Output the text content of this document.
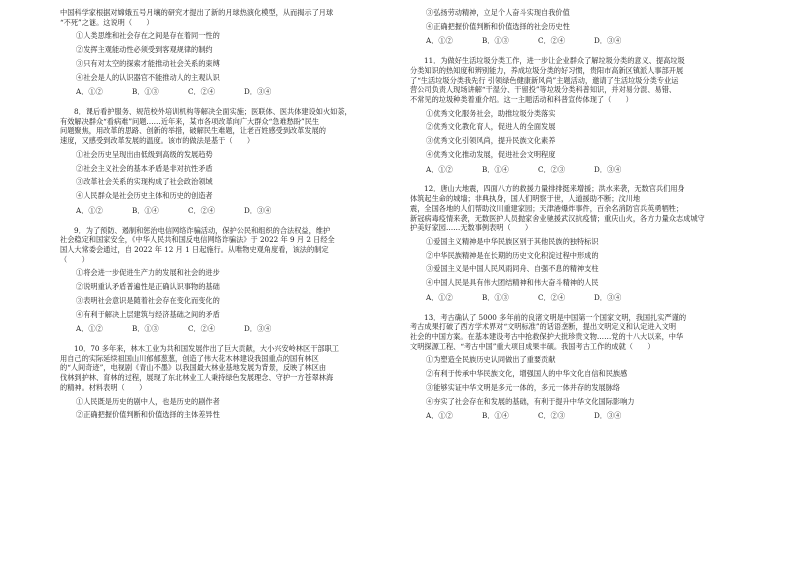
中国科学家根据对嫦娥五号月壤的研究才提出了新的月球热演化模型，从而揭示了月球

“不死”之谜。这说明（　　）

①人类思维和社会存在之间是存在着同一性的

②发挥主观能动性必须受到客观规律的制约

③只有对太空的探索才能推动社会关系的束缚

④社会是人的认识器官不能推动人的主观认识

A．①②	B．①③	C．②④	D．③④

8．课后看护服务、规范校外培训机构等解决全面实施；医联体、医共体建设如火如荼，

有效解决群众“看病难”问题……近年来，某市各项改革向广大群众“急难愁盼”民生

问题聚焦，用改革的思路、创新的举措，破解民生难题，让老百姓感受到改革发展的

速度，又感受到改革发展的温度。该市的做法是基于（　　）

①社会历史呈现出由低级到高级的发展趋势

②社会主义社会的基本矛盾是非对抗性矛盾

③改革社会关系的实现构成了社会政治领域

④人民群众是社会历史主体和历史的创造者

A．①②	B．①④	C．②④	D．③④

9．为了预防、遏制和惩治电信网络诈骗活动，保护公民和组织的合法权益，维护

社会稳定和国家安全，《中华人民共和国反电信网络诈骗法》于 2022 年 9 月 2 日经全

国人大常委会通过，自 2022 年 12 月 1 日起施行。从唯物史观角度看，该法的制定

（　　）

①将会进一步促进生产力的发展和社会的进步

②说明重认矛盾普遍性是正确认识事物的基础

③表明社会意识是随着社会存在变化而变化的

④有利于解决上层建筑与经济基础之间的矛盾

A．①②	B．①③	C．②④	D．③④

10．70 多年来，林木工业为共和国发展作出了巨大贡献，大小兴安岭林区干部职工

用自己的实际延续祖国山川郁郁葱葱，创造了伟大花木林建设我国重点的国有林区

的“人间奇迹”，电视剧《青山不墨》以我国最大林业基地发展为背景，反映了林区由

伐林到护林、育林的过程，展现了东北林业工人秉持绿色发展理念、守护一方苍翠林海

的精神。材料表明（　　）

①人民既是历史的剧中人，也是历史的剧作者

②正确把握价值判断和价值选择的主体差异性

③弘扬劳动精神，立足个人奋斗实现自我价值

④正确把握价值判断和价值选择的社会历史性

A．①②	B．①③	C．②④	D．③④

11．为做好生活垃圾分类工作，进一步让企业群众了解垃圾分类的意义、提高垃圾

分类知识的热知度和辨别能力，养成垃圾分类的好习惯，贵阳市高新区镇派人事部开展

了“生活垃圾分类我先行 引领绿色健康新风尚”主题活动，邀请了生活垃圾分类专业运

营公司负责人现场讲解“干湿分、干留投”等垃圾分类科普知识，并对易分混、易错、

不常见的垃圾种类着重介绍。这一主题活动和科普宣传体现了（　　）

①优秀文化服务社会，助推垃圾分类落实

②优秀文化教化育人，促进人的全面发展

③优秀文化引领风尚，提升民族文化素养

④优秀文化推动发展，促进社会文明程度

A．①②	B．①④	C．②③	D．③④

12．唐山大地震，四面八方的救援力量排排挺来增援；洪水来袭，无数官兵们用身

体筑起生命的城墙；非典执身，国人们明察于世，人道援助不断；汶川地

震，全国各地的人们帮助汶川重建家园；天津港爆炸事件，百余名消防官兵英勇牺牲；

新冠病毒疫情来袭，无数医护人员抛家舍业驰援武汉抗疫情；重庆山火，各方力量众志成城守

护美好家园……无数事例表明（　　）

①爱国主义精神是中华民族区别于其他民族的独特标识

②中华民族精神是在长期的历史文化积淀过程中形成的

③爱国主义是中国人民风雨同舟、自强不息的精神支柱

④中国人民是具有伟大团结精神和伟大奋斗精神的人民

A．①②	B．①③	C．②④	D．③④

13．考古确认了 5000 多年前的良渚文明是中国第一个国家文明，我国扎实严谨的

考古成果打破了西方学术界对“文明标准”的话语垄断，提出文明定义和认定进入文明

社会的中国方案。在基本建设考古中抢救保护大批珍贵文物……党的十八大以来，中华

文明探源工程、“考古中国”重大项目成果丰硕。我国考古工作的成就（　　）

①为塑造全民族历史认同做出了重要贡献

②有利于传承中华民族文化，增强国人的中华文化自信和民族感

③能够实证中华文明是多元一体的，多元一体并存的发展脉络

④夯实了社会存在和发展的基础，有利于提升中华文化国际影响力

A．①②	B．①④	C．②③	D．③④
